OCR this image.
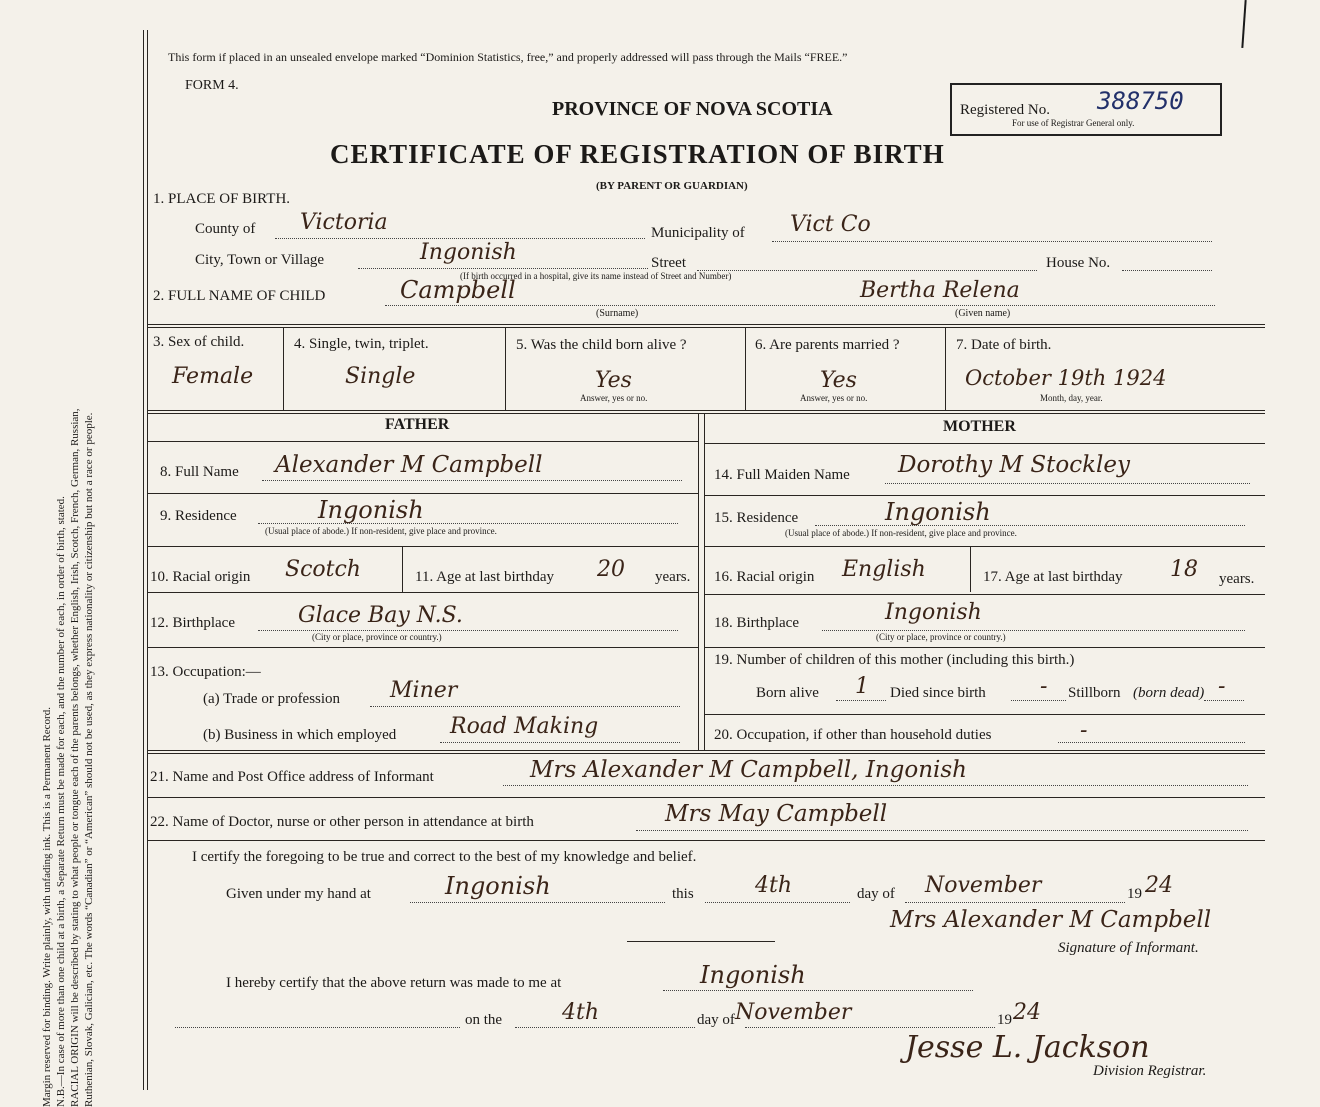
Margin reserved for binding. Write plainly, with unfading ink. This is a Permanent Record. N.B.—In case of more than one child at a birth, a Separate Return must be made for each, and the number of each, in order of birth, stated. RACIAL ORIGIN will be described by stating to what people or tongue each of the parents belongs, whether English, Irish, Scotch, French, German, Russian, Ruthenian, Slovak, Galician, etc. The words “Canadian” or “American” should not be used, as they express nationality or citizenship but not a race or people.
This form if placed in an unsealed envelope marked “Dominion Statistics, free,” and properly addressed will pass through the Mails “FREE.”
FORM 4.
PROVINCE OF NOVA SCOTIA
CERTIFICATE OF REGISTRATION OF BIRTH
(BY PARENT OR GUARDIAN)
Registered No. 388750
For use of Registrar General only.
1. PLACE OF BIRTH.
County of Victoria	Municipality of Vict Co
City, Town or Village	Ingonish	Street	House No.
(If birth occurred in a hospital, give its name instead of Street and Number)
2. FULL NAME OF CHILD	Campbell	Bertha Relena
(Surname)	(Given name)
3. Sex of child.
Female
4. Single, twin, triplet.
Single
5. Was the child born alive ?
Yes
Answer, yes or no.
6. Are parents married ?
Yes
Answer, yes or no.
7. Date of birth.
October 19th 1924
Month, day, year.
FATHER	MOTHER
8. Full Name Alexander M Campbell
9. Residence	Ingonish
(Usual place of abode.) If non-resident, give place and province.
10. Racial origin Scotch	11. Age at last birthday 20 years.
12. Birthplace	Glace Bay N.S.
(City or place, province or country.)
13. Occupation:—
(a) Trade or profession Miner
(b) Business in which employed Road Making
14. Full Maiden Name Dorothy M Stockley
15. Residence	Ingonish
(Usual place of abode.) If non-resident, give place and province.
16. Racial origin English	17. Age at last birthday 18 years.
18. Birthplace	Ingonish
(City or place, province or country.)
19. Number of children of this mother (including this birth.)
Born alive 1 Died since birth - Stillborn (born dead) -
20. Occupation, if other than household duties	-
21. Name and Post Office address of Informant	Mrs Alexander M Campbell, Ingonish
22. Name of Doctor, nurse or other person in attendance at birth	Mrs May Campbell
I certify the foregoing to be true and correct to the best of my knowledge and belief.
Given under my hand at	Ingonish	this	4th	day of November	19 24
Mrs Alexander M Campbell
Signature of Informant.
I hereby certify that the above return was made to me at	Ingonish
on the	4th	day of November	19 24
Jesse L. Jackson
Division Registrar.
